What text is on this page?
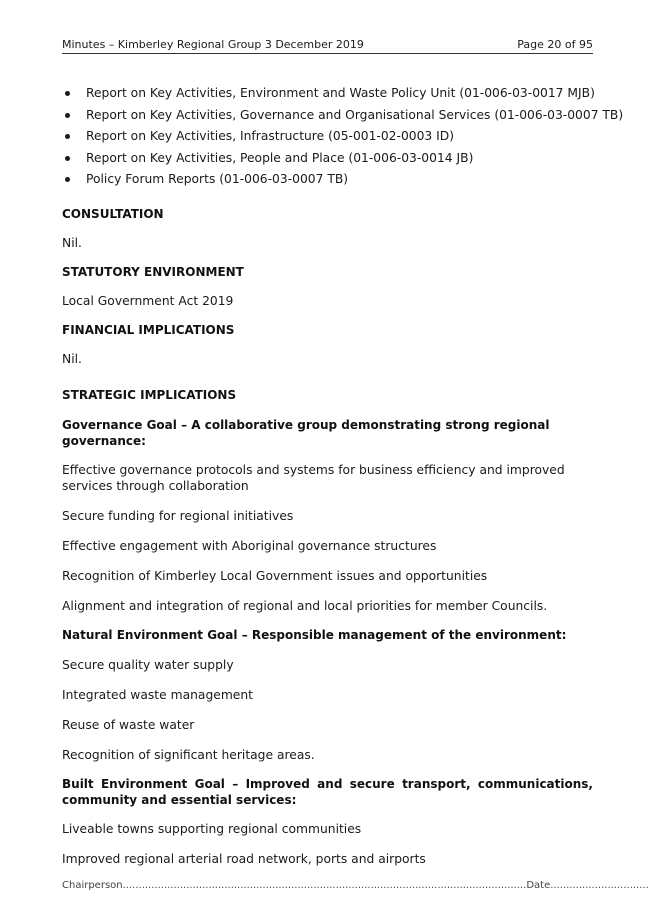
Minutes – Kimberley Regional Group 3 December 2019	Page 20 of 95
Report on Key Activities, Environment and Waste Policy Unit (01-006-03-0017 MJB)
Report on Key Activities, Governance and Organisational Services (01-006-03-0007 TB)
Report on Key Activities, Infrastructure (05-001-02-0003 ID)
Report on Key Activities, People and Place (01-006-03-0014 JB)
Policy Forum Reports (01-006-03-0007 TB)

CONSULTATION

Nil.

STATUTORY ENVIRONMENT

Local Government Act 2019

FINANCIAL IMPLICATIONS

Nil.

STRATEGIC IMPLICATIONS

Governance Goal – A collaborative group demonstrating strong regional governance:

Effective governance protocols and systems for business efficiency and improved services through collaboration

Secure funding for regional initiatives

Effective engagement with Aboriginal governance structures

Recognition of Kimberley Local Government issues and opportunities

Alignment and integration of regional and local priorities for member Councils.

Natural Environment Goal – Responsible management of the environment:

Secure quality water supply

Integrated waste management

Reuse of waste water

Recognition of significant heritage areas.

Built Environment Goal – Improved and secure transport, communications, community and essential services:

Liveable towns supporting regional communities

Improved regional arterial road network, ports and airports

Chairperson...............................................................................................................................Date...............................
